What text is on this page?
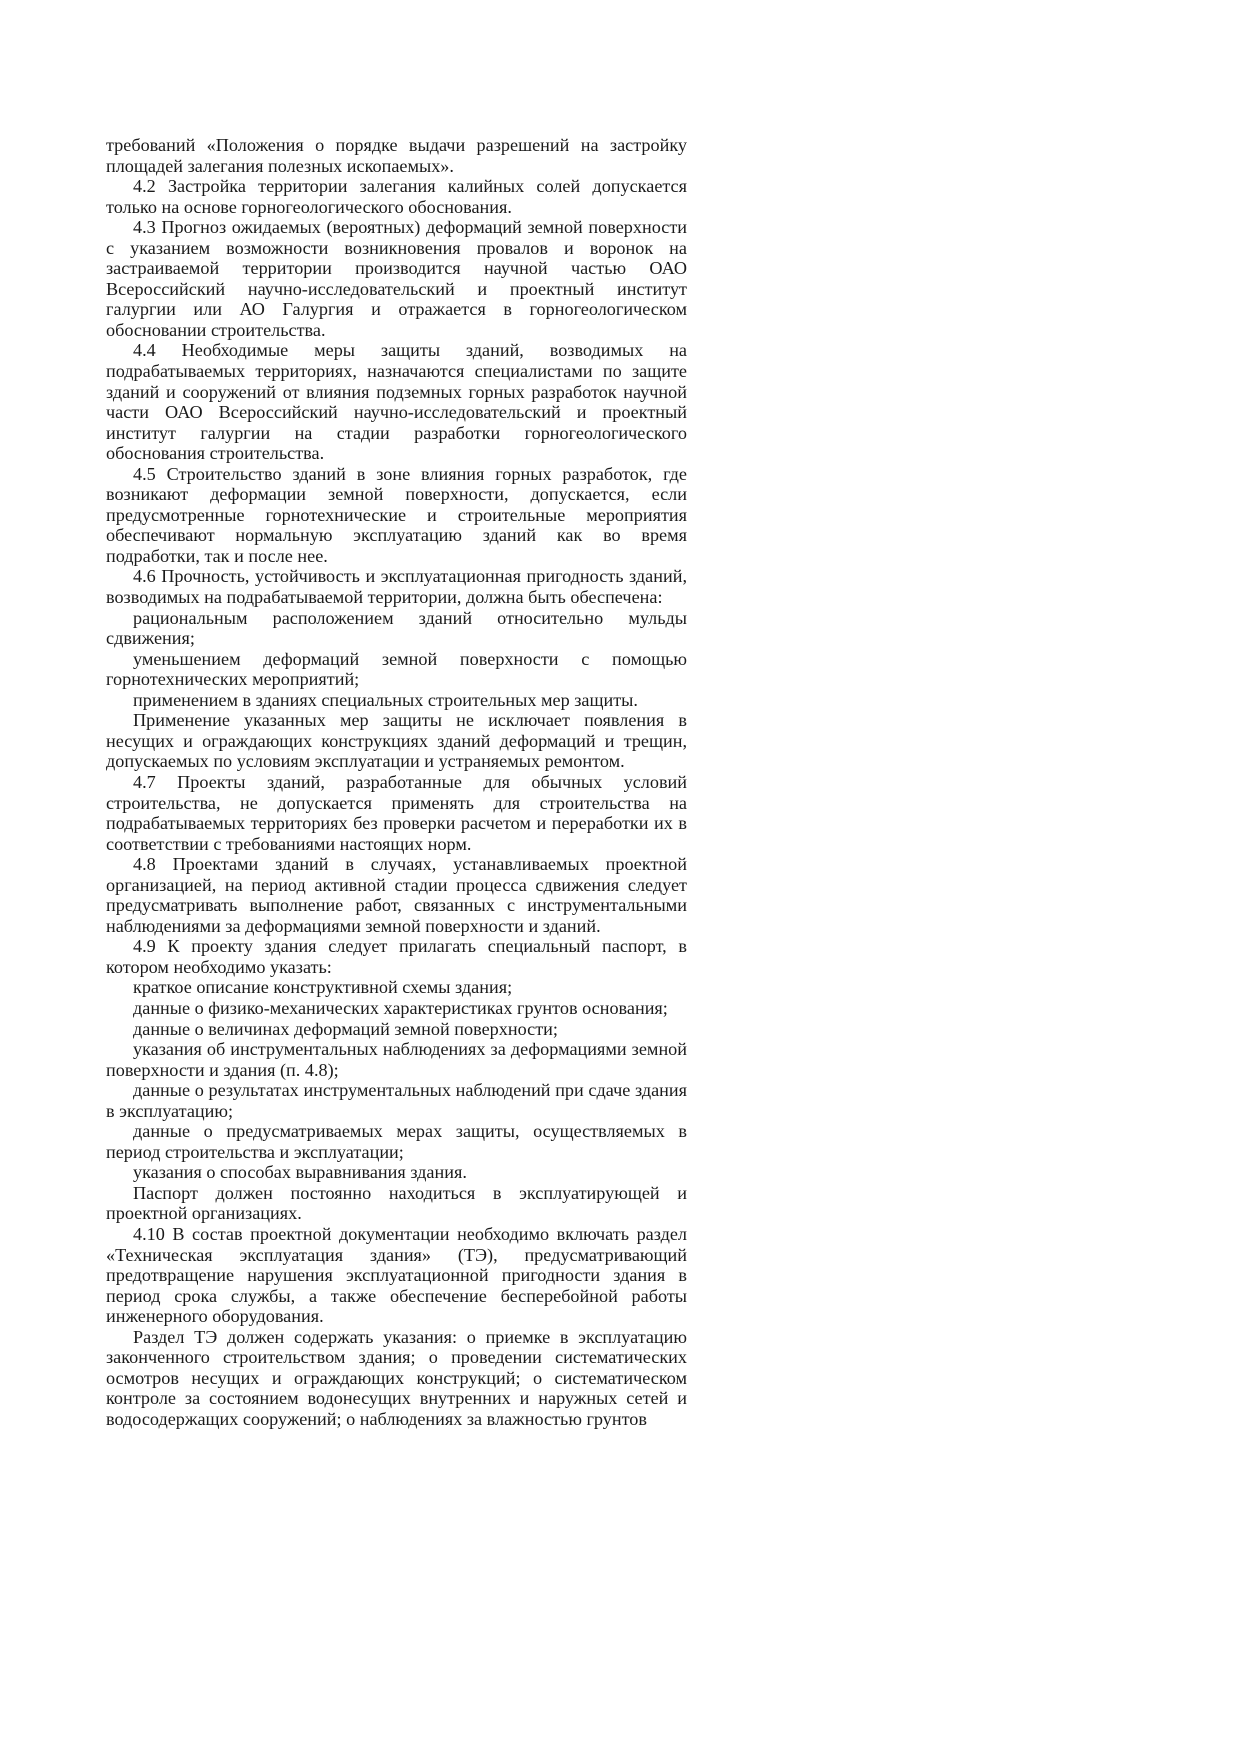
требований «Положения о порядке выдачи разрешений на застройку площадей залегания полезных ископаемых».

4.2 Застройка территории залегания калийных солей допускается только на основе горногеологического обоснования.

4.3 Прогноз ожидаемых (вероятных) деформаций земной поверхности с указанием возможности возникновения провалов и воронок на застраиваемой территории производится научной частью ОАО Всероссийский научно-исследовательский и проектный институт галургии или АО Галургия и отражается в горногеологическом обосновании строительства.

4.4 Необходимые меры защиты зданий, возводимых на подрабатываемых территориях, назначаются специалистами по защите зданий и сооружений от влияния подземных горных разработок научной части ОАО Всероссийский научно-исследовательский и проектный институт галургии на стадии разработки горногеологического обоснования строительства.

4.5 Строительство зданий в зоне влияния горных разработок, где возникают деформации земной поверхности, допускается, если предусмотренные горнотехнические и строительные мероприятия обеспечивают нормальную эксплуатацию зданий как во время подработки, так и после нее.

4.6 Прочность, устойчивость и эксплуатационная пригодность зданий, возводимых на подрабатываемой территории, должна быть обеспечена:

рациональным расположением зданий относительно мульды сдвижения;

уменьшением деформаций земной поверхности с помощью горнотехнических мероприятий;

применением в зданиях специальных строительных мер защиты.

Применение указанных мер защиты не исключает появления в несущих и ограждающих конструкциях зданий деформаций и трещин, допускаемых по условиям эксплуатации и устраняемых ремонтом.

4.7 Проекты зданий, разработанные для обычных условий строительства, не допускается применять для строительства на подрабатываемых территориях без проверки расчетом и переработки их в соответствии с требованиями настоящих норм.

4.8 Проектами зданий в случаях, устанавливаемых проектной организацией, на период активной стадии процесса сдвижения следует предусматривать выполнение работ, связанных с инструментальными наблюдениями за деформациями земной поверхности и зданий.

4.9 К проекту здания следует прилагать специальный паспорт, в котором необходимо указать:

краткое описание конструктивной схемы здания;

данные о физико-механических характеристиках грунтов основания;

данные о величинах деформаций земной поверхности;

указания об инструментальных наблюдениях за деформациями земной поверхности и здания (п. 4.8);

данные о результатах инструментальных наблюдений при сдаче здания в эксплуатацию;

данные о предусматриваемых мерах защиты, осуществляемых в период строительства и эксплуатации;

указания о способах выравнивания здания.

Паспорт должен постоянно находиться в эксплуатирующей и проектной организациях.

4.10 В состав проектной документации необходимо включать раздел «Техническая эксплуатация здания» (ТЭ), предусматривающий предотвращение нарушения эксплуатационной пригодности здания в период срока службы, а также обеспечение бесперебойной работы инженерного оборудования.

Раздел ТЭ должен содержать указания: о приемке в эксплуатацию законченного строительством здания; о проведении систематических осмотров несущих и ограждающих конструкций; о систематическом контроле за состоянием водонесущих внутренних и наружных сетей и водосодержащих сооружений; о наблюдениях за влажностью грунтов
